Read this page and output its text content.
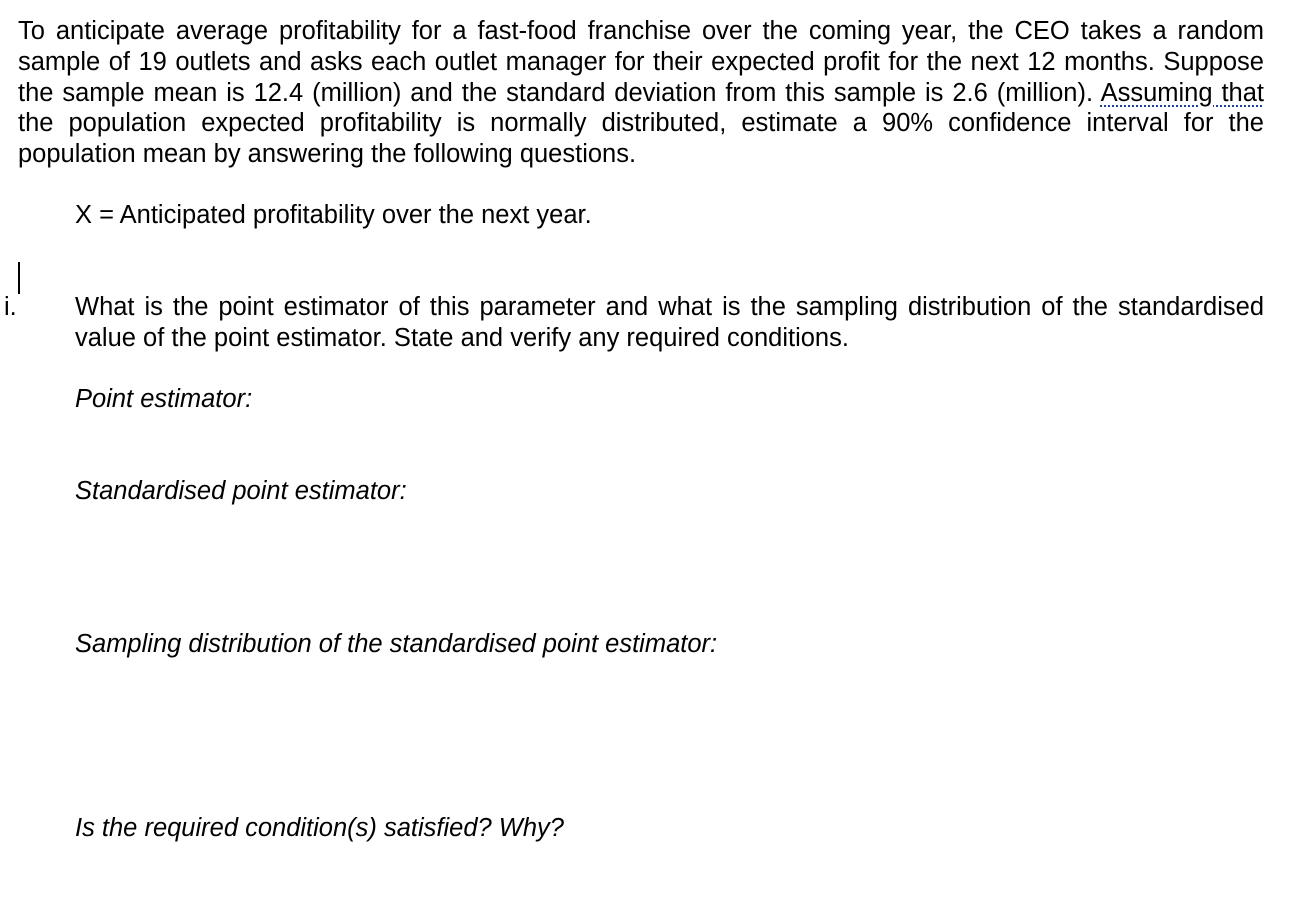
To anticipate average profitability for a fast-food franchise over the coming year, the CEO takes a random sample of 19 outlets and asks each outlet manager for their expected profit for the next 12 months. Suppose the sample mean is 12.4 (million) and the standard deviation from this sample is 2.6 (million). Assuming that the population expected profitability is normally distributed, estimate a 90% confidence interval for the population mean by answering the following questions.

X = Anticipated profitability over the next year.

i. What is the point estimator of this parameter and what is the sampling distribution of the standardised value of the point estimator. State and verify any required conditions.

Point estimator:

Standardised point estimator:

Sampling distribution of the standardised point estimator:

Is the required condition(s) satisfied? Why?
